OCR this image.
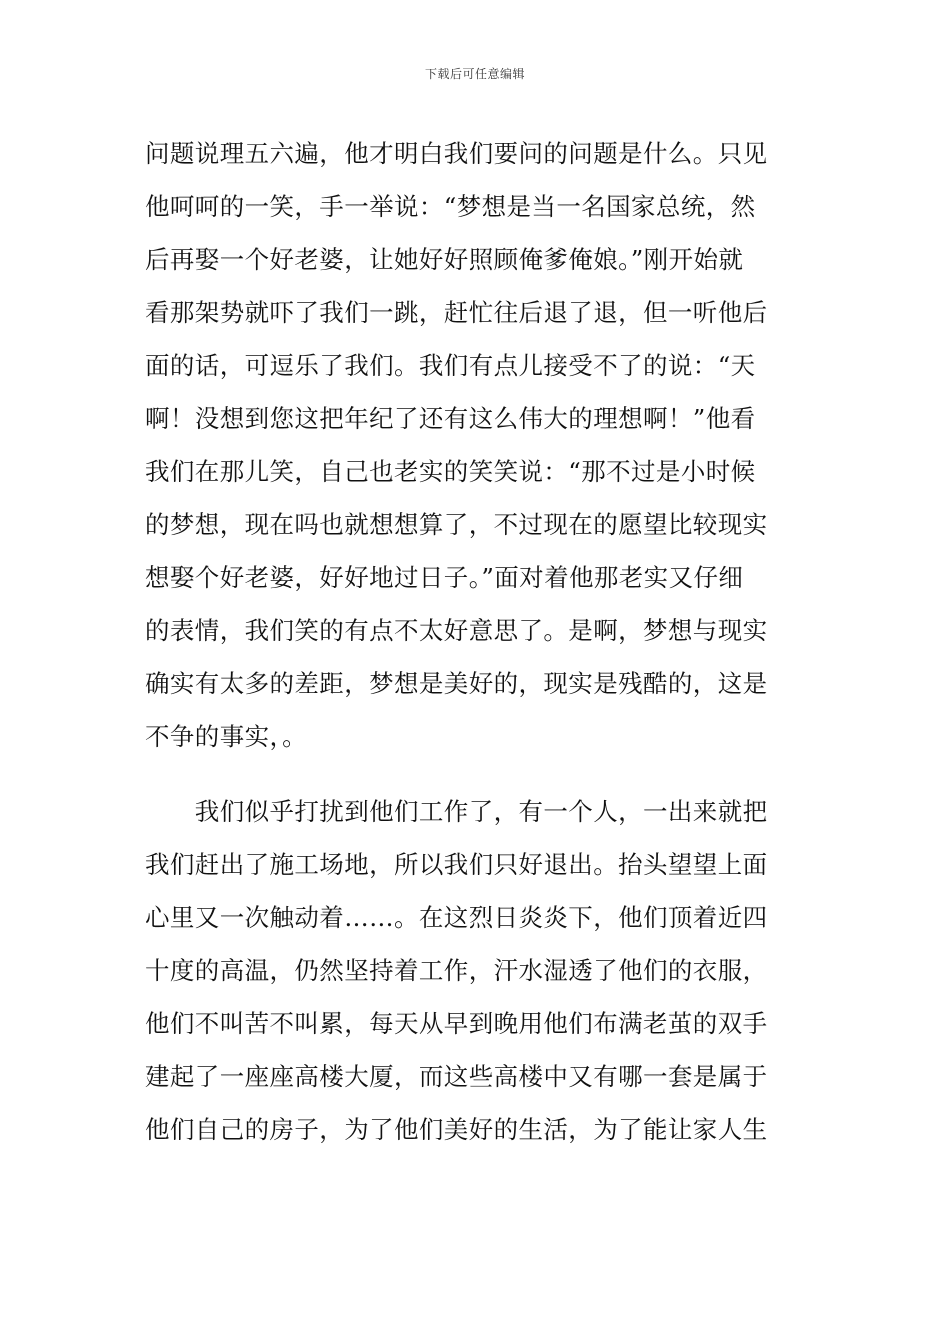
下载后可任意编辑
问题说理五六遍，他才明白我们要问的问题是什么。只见
他呵呵的一笑，手一举说：“梦想是当一名国家总统，然
后再娶一个好老婆，让她好好照顾俺爹俺娘。”刚开始就
看那架势就吓了我们一跳，赶忙往后退了退，但一听他后
面的话，可逗乐了我们。我们有点儿接受不了的说：“天
啊！没想到您这把年纪了还有这么伟大的理想啊！”他看
我们在那儿笑，自己也老实的笑笑说：“那不过是小时候
的梦想，现在吗也就想想算了，不过现在的愿望比较现实
想娶个好老婆，好好地过日子。”面对着他那老实又仔细
的表情，我们笑的有点不太好意思了。是啊，梦想与现实
确实有太多的差距，梦想是美好的，现实是残酷的，这是
不争的事实，。
　　我们似乎打扰到他们工作了，有一个人，一出来就把
我们赶出了施工场地，所以我们只好退出。抬头望望上面
心里又一次触动着……。在这烈日炎炎下，他们顶着近四
十度的高温，仍然坚持着工作，汗水湿透了他们的衣服，
他们不叫苦不叫累，每天从早到晚用他们布满老茧的双手
建起了一座座高楼大厦，而这些高楼中又有哪一套是属于
他们自己的房子，为了他们美好的生活，为了能让家人生
